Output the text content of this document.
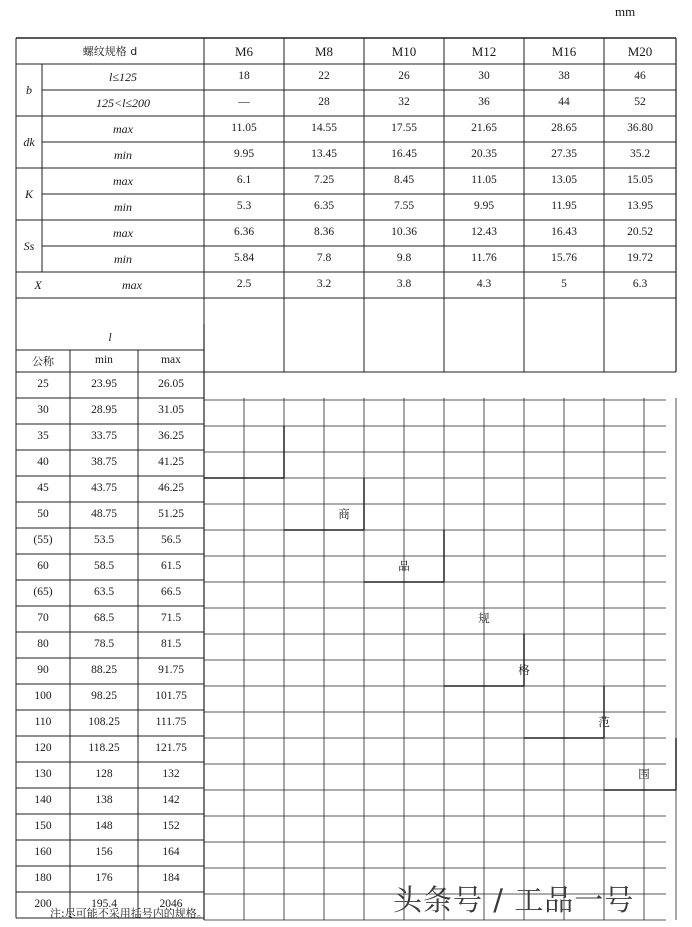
mm
螺纹规格 d	M6	M8	M10	M12	M16	M20
b
l≤125	18	22	26	30	38	46
125<l≤200	—	28	32	36	44	52
dk
max	11.05	14.55	17.55	21.65	28.65	36.80
min	9.95	13.45	16.45	20.35	27.35	35.2
K
max	6.1	7.25	8.45	11.05	13.05	15.05
min	5.3	6.35	7.55	9.95	11.95	13.95
Ss
max	6.36	8.36	10.36	12.43	16.43	20.52
min	5.84	7.8	9.8	11.76	15.76	19.72
X	max	2.5	3.2	3.8	4.3	5	6.3
l
公称	min	max
25	23.95	26.05
30	28.95	31.05
35	33.75	36.25
40	38.75	41.25
45	43.75	46.25
50	48.75	51.25
(55)	53.5	56.5
60	58.5	61.5
(65)	63.5	66.5
70	68.5	71.5
80	78.5	81.5
90	88.25	91.75
100	98.25	101.75
110	108.25	111.75
120	118.25	121.75
130	128	132
140	138	142
150	148	152
160	156	164
180	176	184
200	195.4	2046
商
品
规
格
范
围
注:尽可能不采用括号内的规格。	头条号 / 工品一号
